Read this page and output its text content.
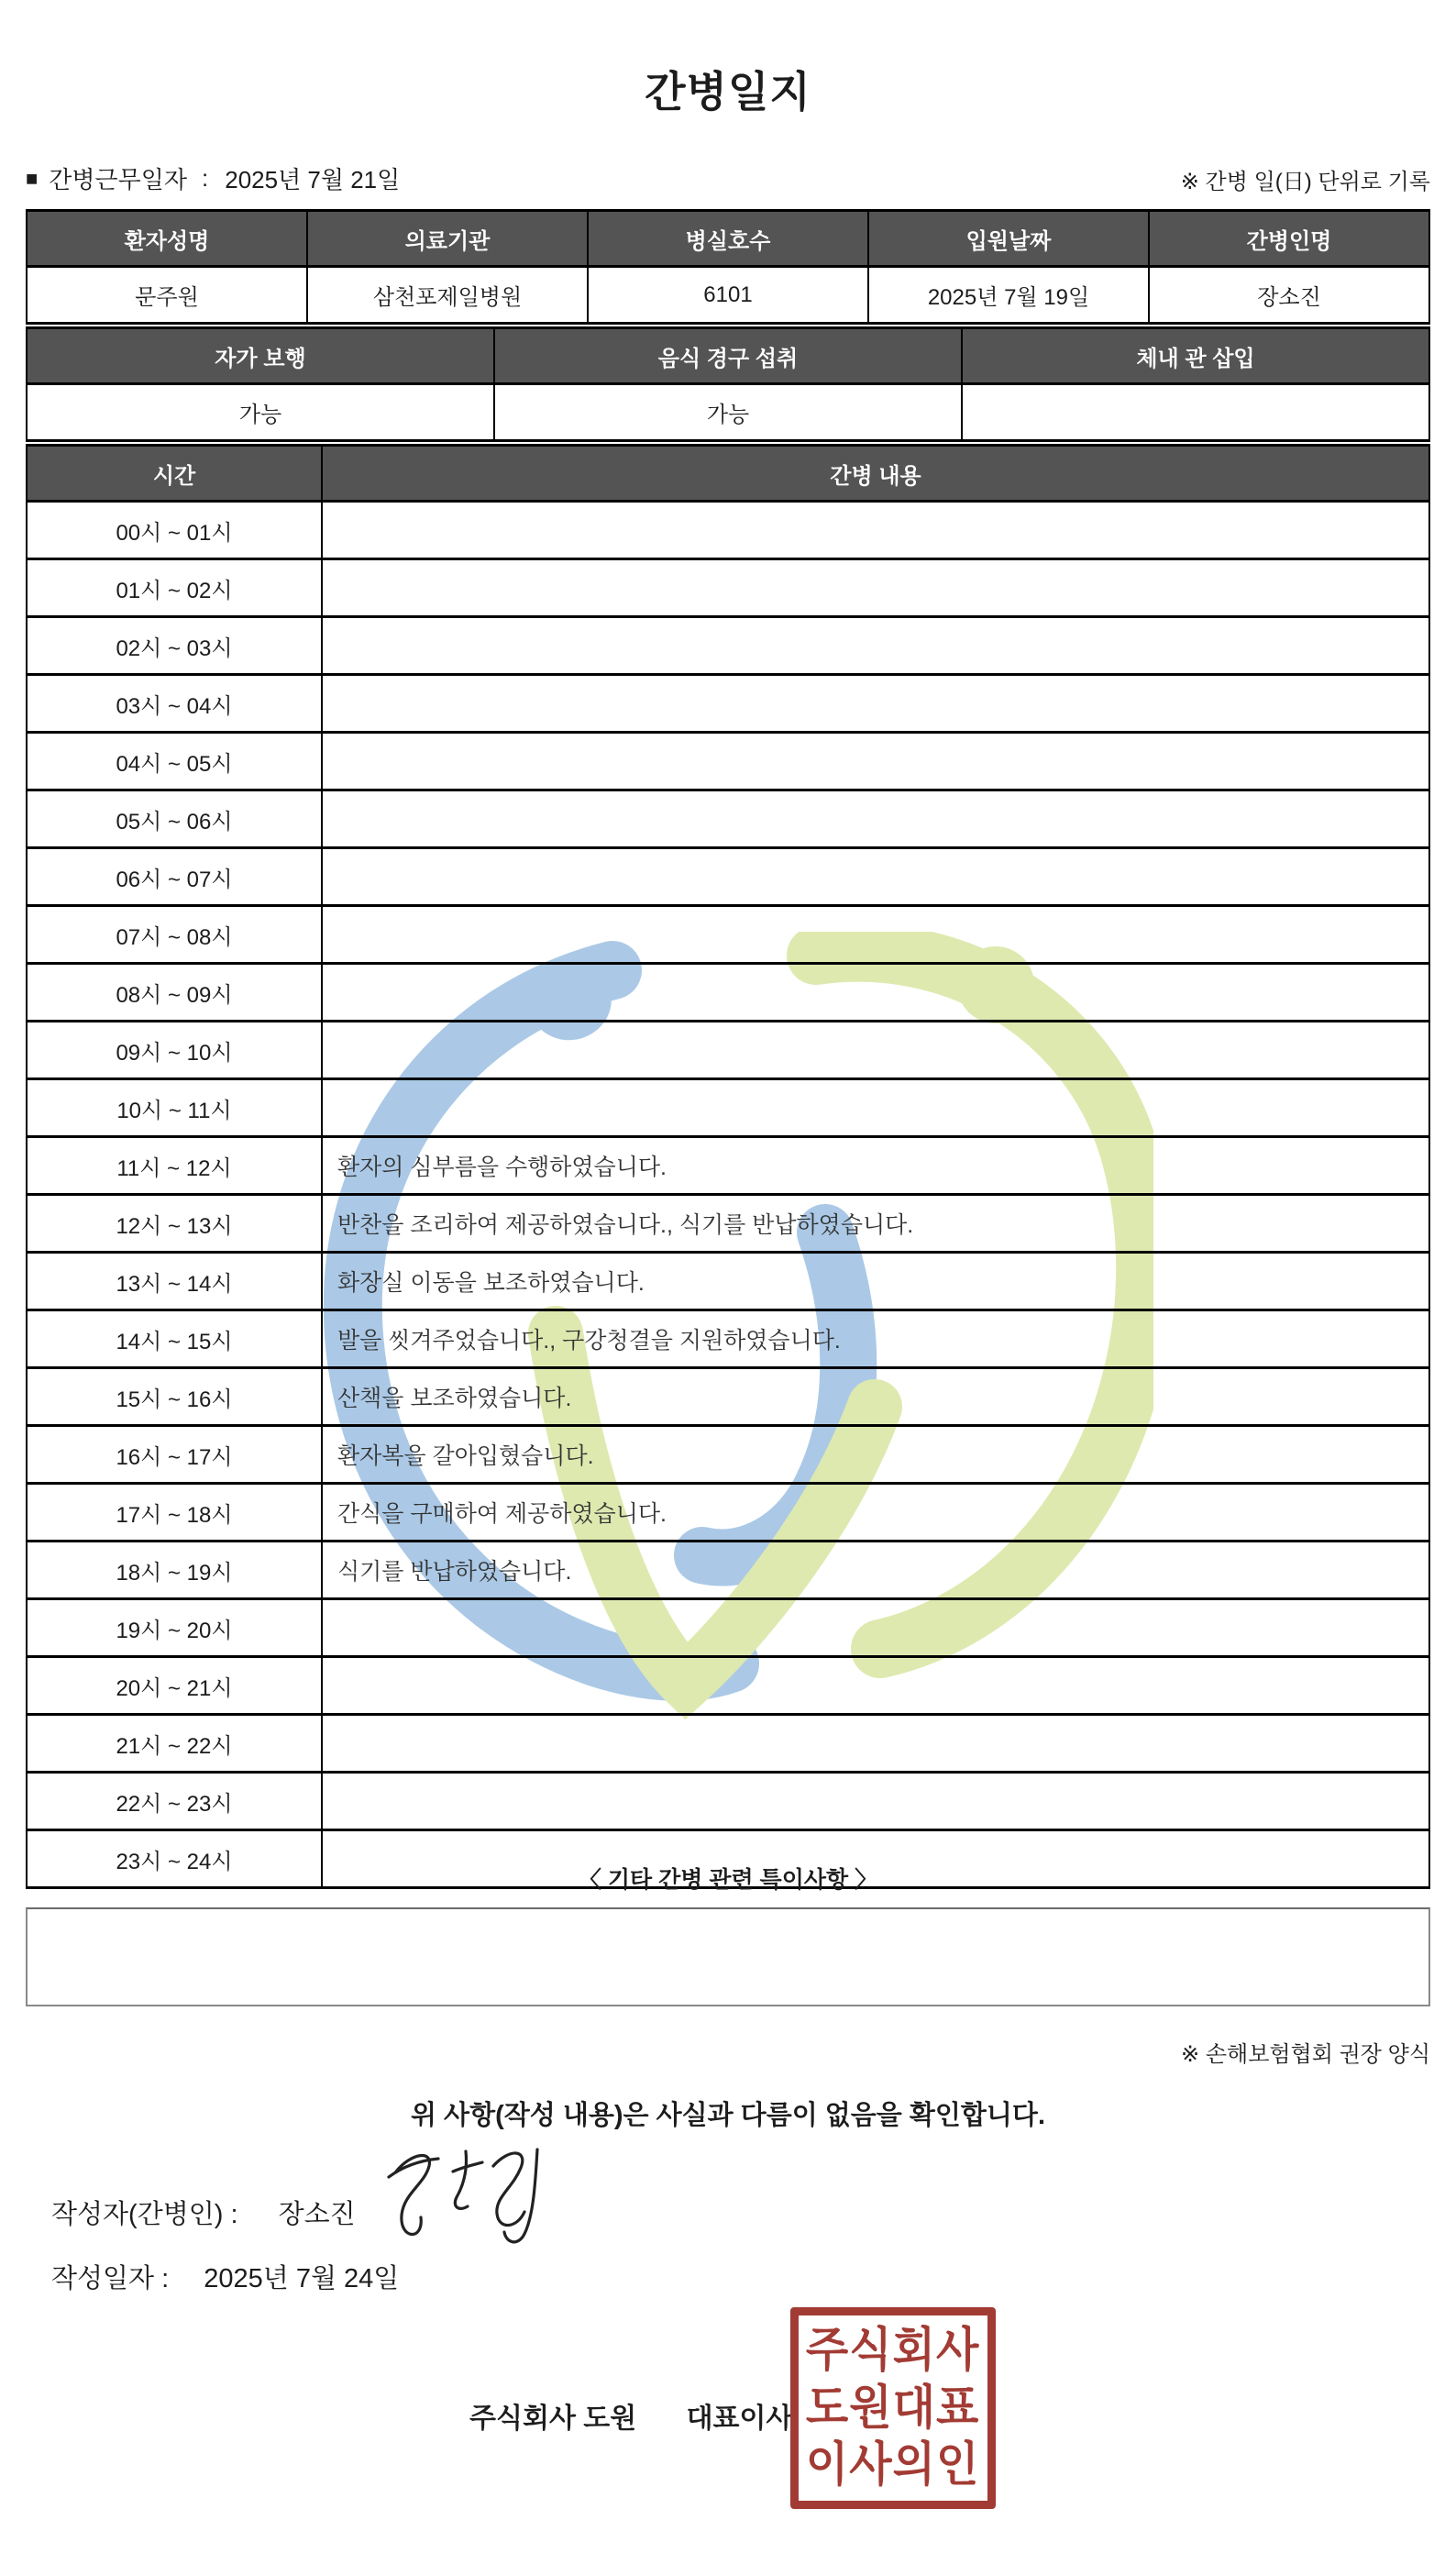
간병일지
■ 간병근무일자 : 2025년 7월 21일	※ 간병 일(日) 단위로 기록
환자성명	의료기관	병실호수	입원날짜	간병인명
문주원	삼천포제일병원	6101	2025년 7월 19일	장소진
자가 보행	음식 경구 섭취	체내 관 삽입
가능	가능	
시간	간병 내용
00시 ~ 01시	
01시 ~ 02시	
02시 ~ 03시	
03시 ~ 04시	
04시 ~ 05시	
05시 ~ 06시	
06시 ~ 07시	
07시 ~ 08시	
08시 ~ 09시	
09시 ~ 10시	
10시 ~ 11시	
11시 ~ 12시	환자의 심부름을 수행하였습니다.
12시 ~ 13시	반찬을 조리하여 제공하였습니다., 식기를 반납하였습니다.
13시 ~ 14시	화장실 이동을 보조하였습니다.
14시 ~ 15시	발을 씻겨주었습니다., 구강청결을 지원하였습니다.
15시 ~ 16시	산책을 보조하였습니다.
16시 ~ 17시	환자복을 갈아입혔습니다.
17시 ~ 18시	간식을 구매하여 제공하였습니다.
18시 ~ 19시	식기를 반납하였습니다.
19시 ~ 20시	
20시 ~ 21시	
21시 ~ 22시	
22시 ~ 23시	
23시 ~ 24시	
〈 기타 간병 관련 특이사항 〉
※ 손해보험협회 권장 양식
위 사항(작성 내용)은 사실과 다름이 없음을 확인합니다.
작성자(간병인) : 장소진
작성일자 : 2025년 7월 24일
주식회사 도원 대표이사
주식회사
도원대표
이사의인
